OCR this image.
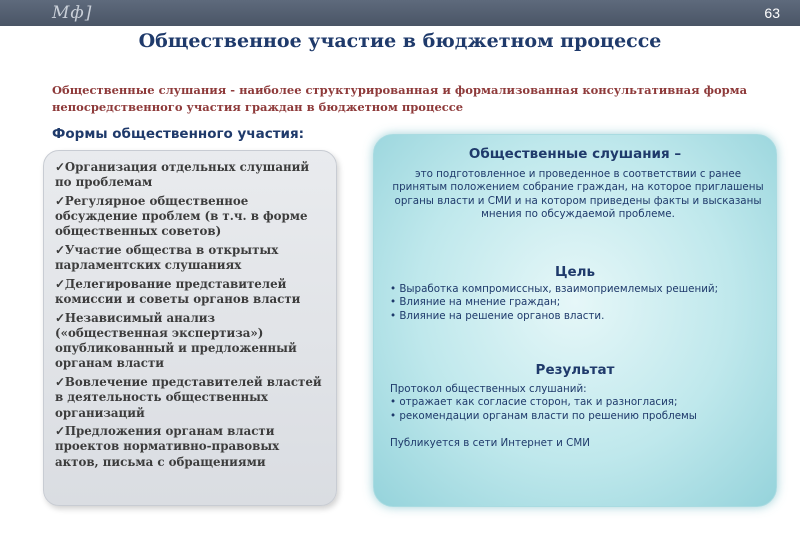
Мф]	63
Общественное участие в бюджетном процессе
Общественные слушания - наиболее структурированная и формализованная консультативная форма непосредственного участия граждан в бюджетном процессе
Формы общественного участия:
✓Организация отдельных слушаний по проблемам
✓Регулярное общественное обсуждение проблем (в т.ч. в форме общественных советов)
✓Участие общества в открытых парламентских слушаниях
✓Делегирование представителей комиссии и советы органов власти
✓Независимый анализ («общественная экспертиза») опубликованный и предложенный органам власти
✓Вовлечение представителей властей в деятельность общественных организаций
✓Предложения органам власти проектов нормативно-правовых актов, письма с обращениями
Общественные слушания –
это подготовленное и проведенное в соответствии с ранее принятым положением собрание граждан, на которое приглашены органы власти и СМИ и на котором приведены факты и высказаны мнения по обсуждаемой проблеме.
Цель
• Выработка компромиссных, взаимоприемлемых решений;
• Влияние на мнение граждан;
• Влияние на решение органов власти.
Результат
Протокол общественных слушаний:
• отражает как согласие сторон, так и разногласия;
• рекомендации органам власти по решению проблемы
Публикуется в сети Интернет и СМИ
